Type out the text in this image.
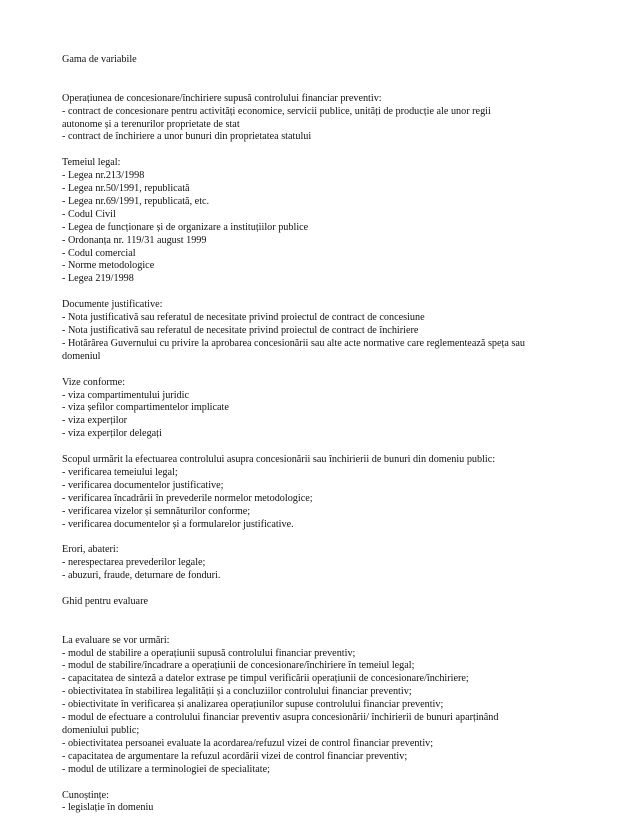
Gama de variabile
Operațiunea de concesionare/închiriere supusă controlului financiar preventiv:
- contract de concesionare pentru activități economice, servicii publice, unități de producție ale unor regii
autonome și a terenurilor proprietate de stat
- contract de închiriere a unor bunuri din proprietatea statului
Temeiul legal:
- Legea nr.213/1998
- Legea nr.50/1991, republicată
- Legea nr.69/1991, republicată, etc.
- Codul Civil
- Legea de funcționare și de organizare a instituțiilor publice
- Ordonanța nr. 119/31 august 1999
- Codul comercial
- Norme metodologice
- Legea 219/1998
Documente justificative:
- Nota justificativă sau referatul de necesitate privind proiectul de contract de concesiune
- Nota justificativă sau referatul de necesitate privind proiectul de contract de închiriere
- Hotărârea Guvernului cu privire la aprobarea concesionării sau alte acte normative care reglementează speța sau
domeniul
Vize conforme:
- viza compartimentului juridic
- viza șefilor compartimentelor implicate
- viza experților
- viza experților delegați
Scopul urmărit la efectuarea controlului asupra concesionării sau închirierii de bunuri din domeniu public:
- verificarea temeiului legal;
- verificarea documentelor justificative;
- verificarea încadrării în prevederile normelor metodologice;
- verificarea vizelor și semnăturilor conforme;
- verificarea documentelor și a formularelor justificative.
Erori, abateri:
- nerespectarea prevederilor legale;
- abuzuri, fraude, deturnare de fonduri.
Ghid pentru evaluare
La evaluare se vor urmări:
- modul de stabilire a operațiunii supusă controlului financiar preventiv;
- modul de stabilire/încadrare a operațiunii de concesionare/închiriere în temeiul legal;
- capacitatea de sinteză a datelor extrase pe timpul verificării operațiunii de concesionare/închiriere;
- obiectivitatea în stabilirea legalității și a concluziilor controlului financiar preventiv;
- obiectivitate în verificarea și analizarea operațiunilor supuse controlului financiar preventiv;
- modul de efectuare a controlului financiar preventiv asupra concesionării/ închirierii de bunuri aparținând
domeniului public;
- obiectivitatea persoanei evaluate la acordarea/refuzul vizei de control financiar preventiv;
- capacitatea de argumentare la refuzul acordării vizei de control financiar preventiv;
- modul de utilizare a terminologiei de specialitate;
Cunoștințe:
- legislație în domeniu
